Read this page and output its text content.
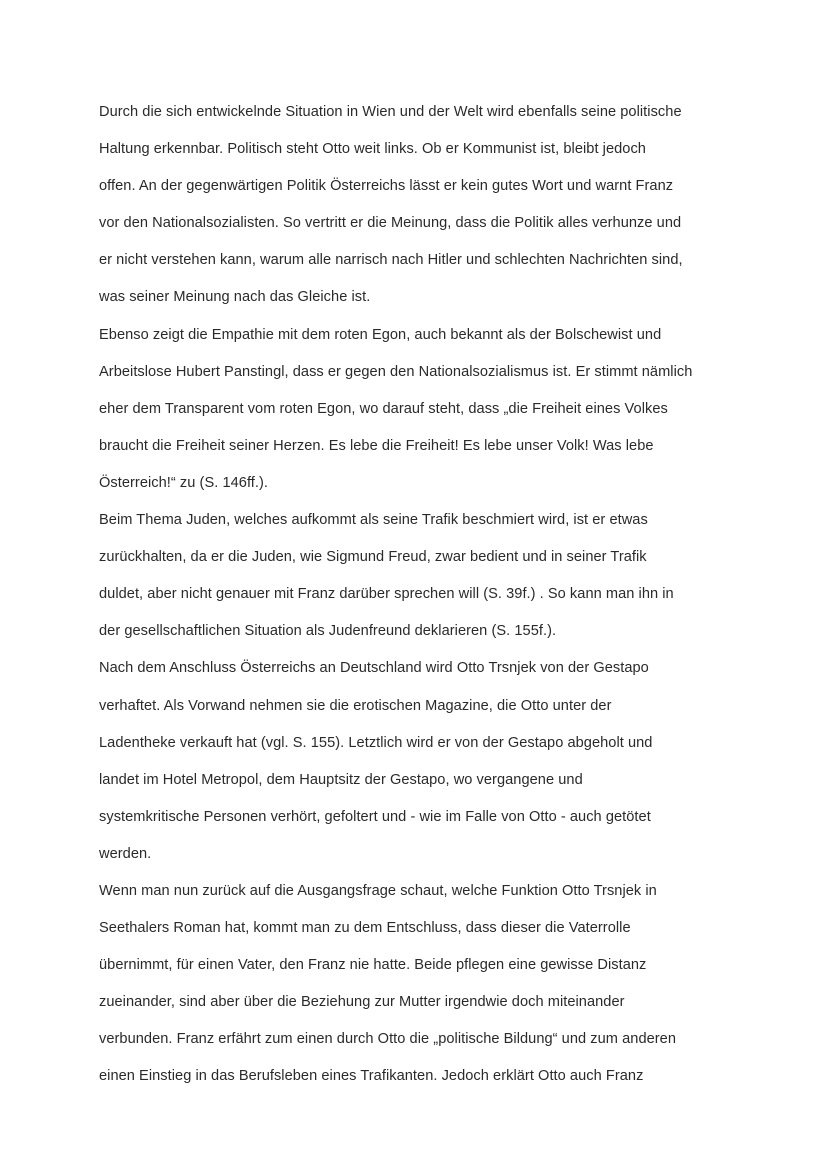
Durch die sich entwickelnde Situation in Wien und der Welt wird ebenfalls seine politische
Haltung erkennbar. Politisch steht Otto weit links. Ob er Kommunist ist, bleibt jedoch
offen. An der gegenwärtigen Politik Österreichs lässt er kein gutes Wort und warnt Franz
vor den Nationalsozialisten. So vertritt er die Meinung, dass die Politik alles verhunze und
er nicht verstehen kann, warum alle narrisch nach Hitler und schlechten Nachrichten sind,
was seiner Meinung nach das Gleiche ist.
Ebenso zeigt die Empathie mit dem roten Egon, auch bekannt als der Bolschewist und
Arbeitslose Hubert Panstingl, dass er gegen den Nationalsozialismus ist. Er stimmt nämlich
eher dem Transparent vom roten Egon, wo darauf steht, dass „die Freiheit eines Volkes
braucht die Freiheit seiner Herzen. Es lebe die Freiheit! Es lebe unser Volk! Was lebe
Österreich!“ zu (S. 146ff.).
Beim Thema Juden, welches aufkommt als seine Trafik beschmiert wird, ist er etwas
zurückhalten, da er die Juden, wie Sigmund Freud, zwar bedient und in seiner Trafik
duldet, aber nicht genauer mit Franz darüber sprechen will (S. 39f.) . So kann man ihn in
der gesellschaftlichen Situation als Judenfreund deklarieren (S. 155f.).
Nach dem Anschluss Österreichs an Deutschland wird Otto Trsnjek von der Gestapo
verhaftet. Als Vorwand nehmen sie die erotischen Magazine, die Otto unter der
Ladentheke verkauft hat (vgl. S. 155). Letztlich wird er von der Gestapo abgeholt und
landet im Hotel Metropol, dem Hauptsitz der Gestapo, wo vergangene und
systemkritische Personen verhört, gefoltert und - wie im Falle von Otto - auch getötet
werden.
Wenn man nun zurück auf die Ausgangsfrage schaut, welche Funktion Otto Trsnjek in
Seethalers Roman hat, kommt man zu dem Entschluss, dass dieser die Vaterrolle
übernimmt, für einen Vater, den Franz nie hatte. Beide pflegen eine gewisse Distanz
zueinander, sind aber über die Beziehung zur Mutter irgendwie doch miteinander
verbunden. Franz erfährt zum einen durch Otto die „politische Bildung“ und zum anderen
einen Einstieg in das Berufsleben eines Trafikanten. Jedoch erklärt Otto auch Franz
